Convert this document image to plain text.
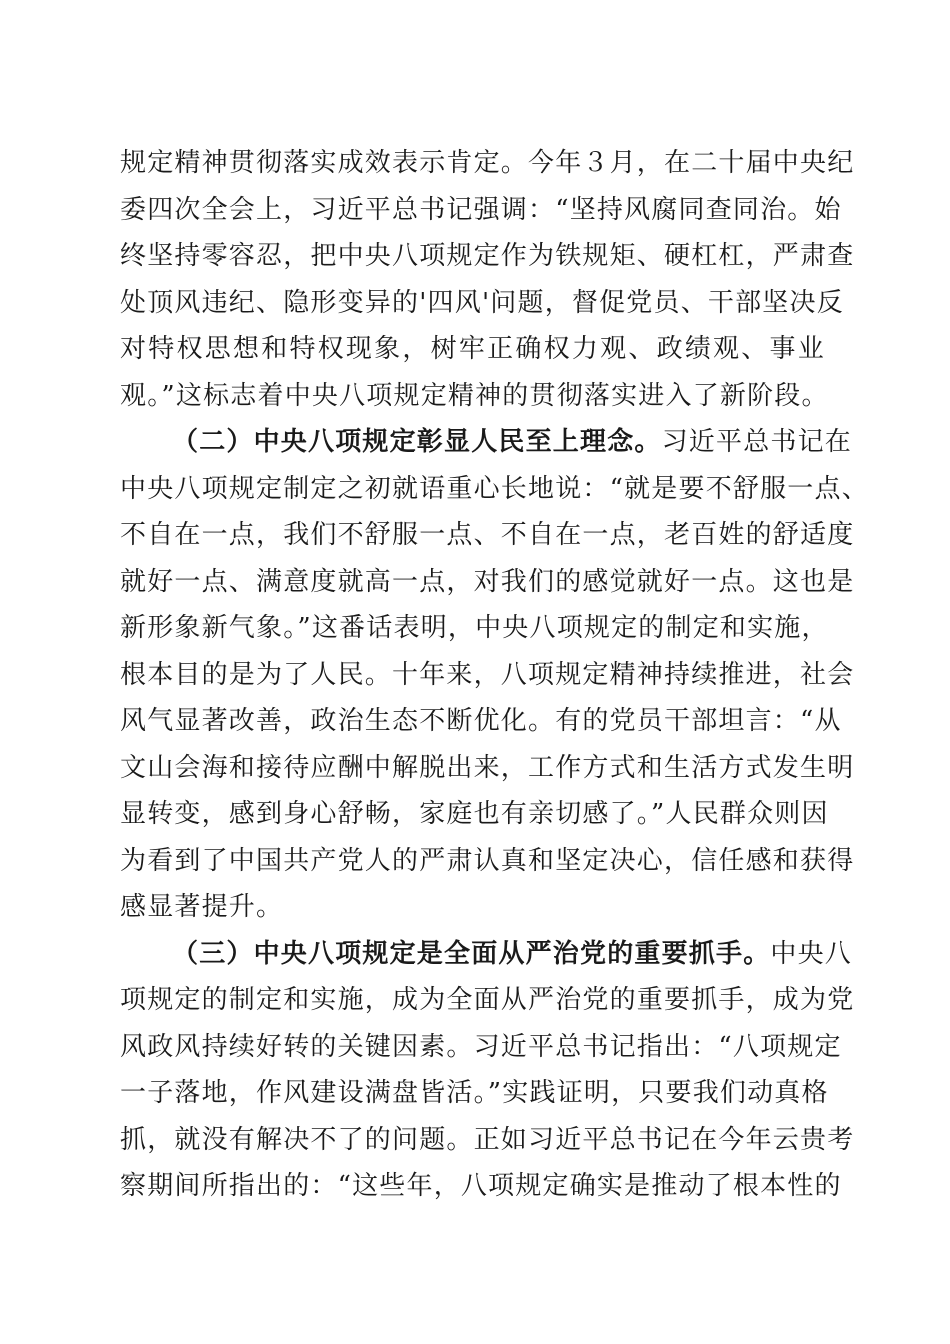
规定精神贯彻落实成效表示肯定。今年３月，在二十届中央纪
委四次全会上，习近平总书记强调：“坚持风腐同查同治。始
终坚持零容忍，把中央八项规定作为铁规矩、硬杠杠，严肃查
处顶风违纪、隐形变异的'四风'问题，督促党员、干部坚决反
对特权思想和特权现象，树牢正确权力观、政绩观、事业
观。”这标志着中央八项规定精神的贯彻落实进入了新阶段。
（二）中央八项规定彰显人民至上理念。习近平总书记在
中央八项规定制定之初就语重心长地说：“就是要不舒服一点、
不自在一点，我们不舒服一点、不自在一点，老百姓的舒适度
就好一点、满意度就高一点，对我们的感觉就好一点。这也是
新形象新气象。”这番话表明，中央八项规定的制定和实施，
根本目的是为了人民。十年来，八项规定精神持续推进，社会
风气显著改善，政治生态不断优化。有的党员干部坦言：“从
文山会海和接待应酬中解脱出来，工作方式和生活方式发生明
显转变，感到身心舒畅，家庭也有亲切感了。”人民群众则因
为看到了中国共产党人的严肃认真和坚定决心，信任感和获得
感显著提升。
（三）中央八项规定是全面从严治党的重要抓手。中央八
项规定的制定和实施，成为全面从严治党的重要抓手，成为党
风政风持续好转的关键因素。习近平总书记指出：“八项规定
一子落地，作风建设满盘皆活。”实践证明，只要我们动真格
抓，就没有解决不了的问题。正如习近平总书记在今年云贵考
察期间所指出的：“这些年，八项规定确实是推动了根本性的
